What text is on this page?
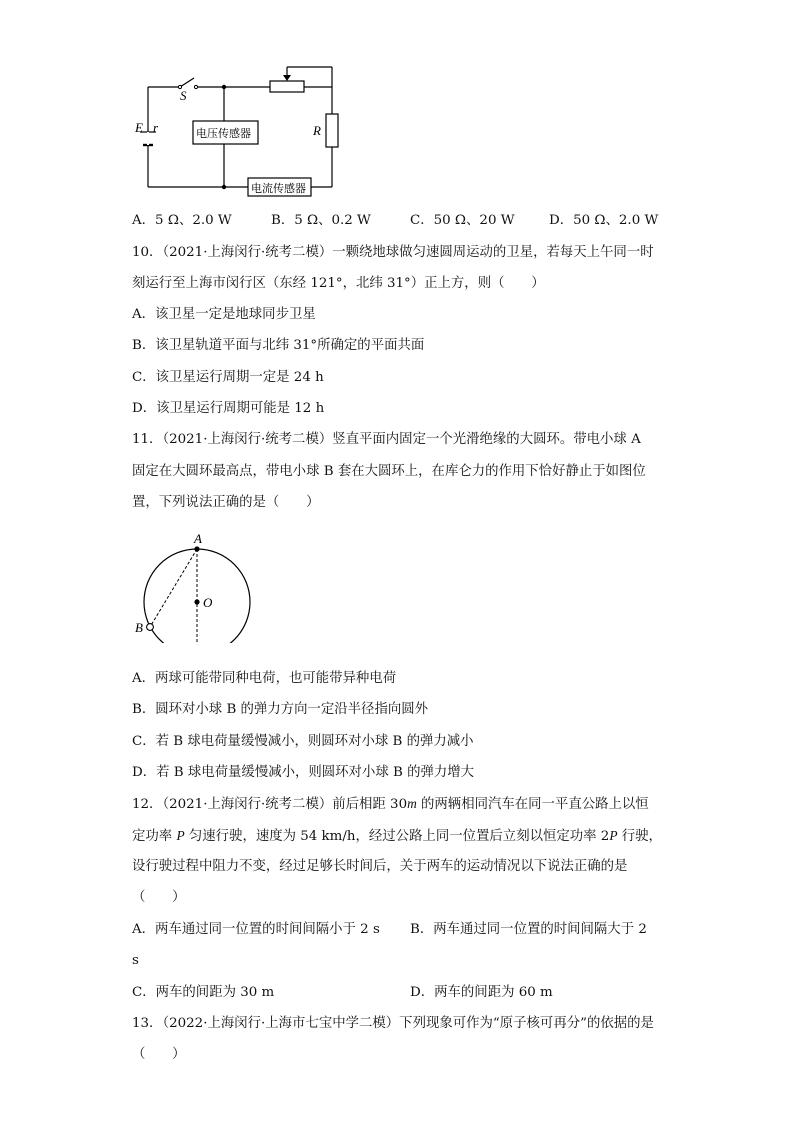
S
E r	电压传感器
电流传感器
R
A．5 Ω、2.0 W	B．5 Ω、0.2 W	C．50 Ω、20 W	D．50 Ω、2.0 W
10．（2021·上海闵行·统考二模）一颗绕地球做匀速圆周运动的卫星，若每天上午同一时
刻运行至上海市闵行区（东经 121°，北纬 31°）正上方，则（　　）
A．该卫星一定是地球同步卫星
B．该卫星轨道平面与北纬 31°所确定的平面共面
C．该卫星运行周期一定是 24 h
D．该卫星运行周期可能是 12 h
11．（2021·上海闵行·统考二模）竖直平面内固定一个光滑绝缘的大圆环。带电小球 A
固定在大圆环最高点，带电小球 B 套在大圆环上，在库仑力的作用下恰好静止于如图位
置，下列说法正确的是（　　）
A
O
B
A．两球可能带同种电荷，也可能带异种电荷
B．圆环对小球 B 的弹力方向一定沿半径指向圆外
C．若 B 球电荷量缓慢减小，则圆环对小球 B 的弹力减小
D．若 B 球电荷量缓慢减小，则圆环对小球 B 的弹力增大
12．（2021·上海闵行·统考二模）前后相距 30m 的两辆相同汽车在同一平直公路上以恒
定功率 P 匀速行驶，速度为 54 km/h，经过公路上同一位置后立刻以恒定功率 2P 行驶，
设行驶过程中阻力不变，经过足够长时间后，关于两车的运动情况以下说法正确的是
（　　）
A．两车通过同一位置的时间间隔小于 2 s B．两车通过同一位置的时间间隔大于 2
s
C．两车的间距为 30 m	D．两车的间距为 60 m
13．（2022·上海闵行·上海市七宝中学二模）下列现象可作为“原子核可再分”的依据的是
（　　）
